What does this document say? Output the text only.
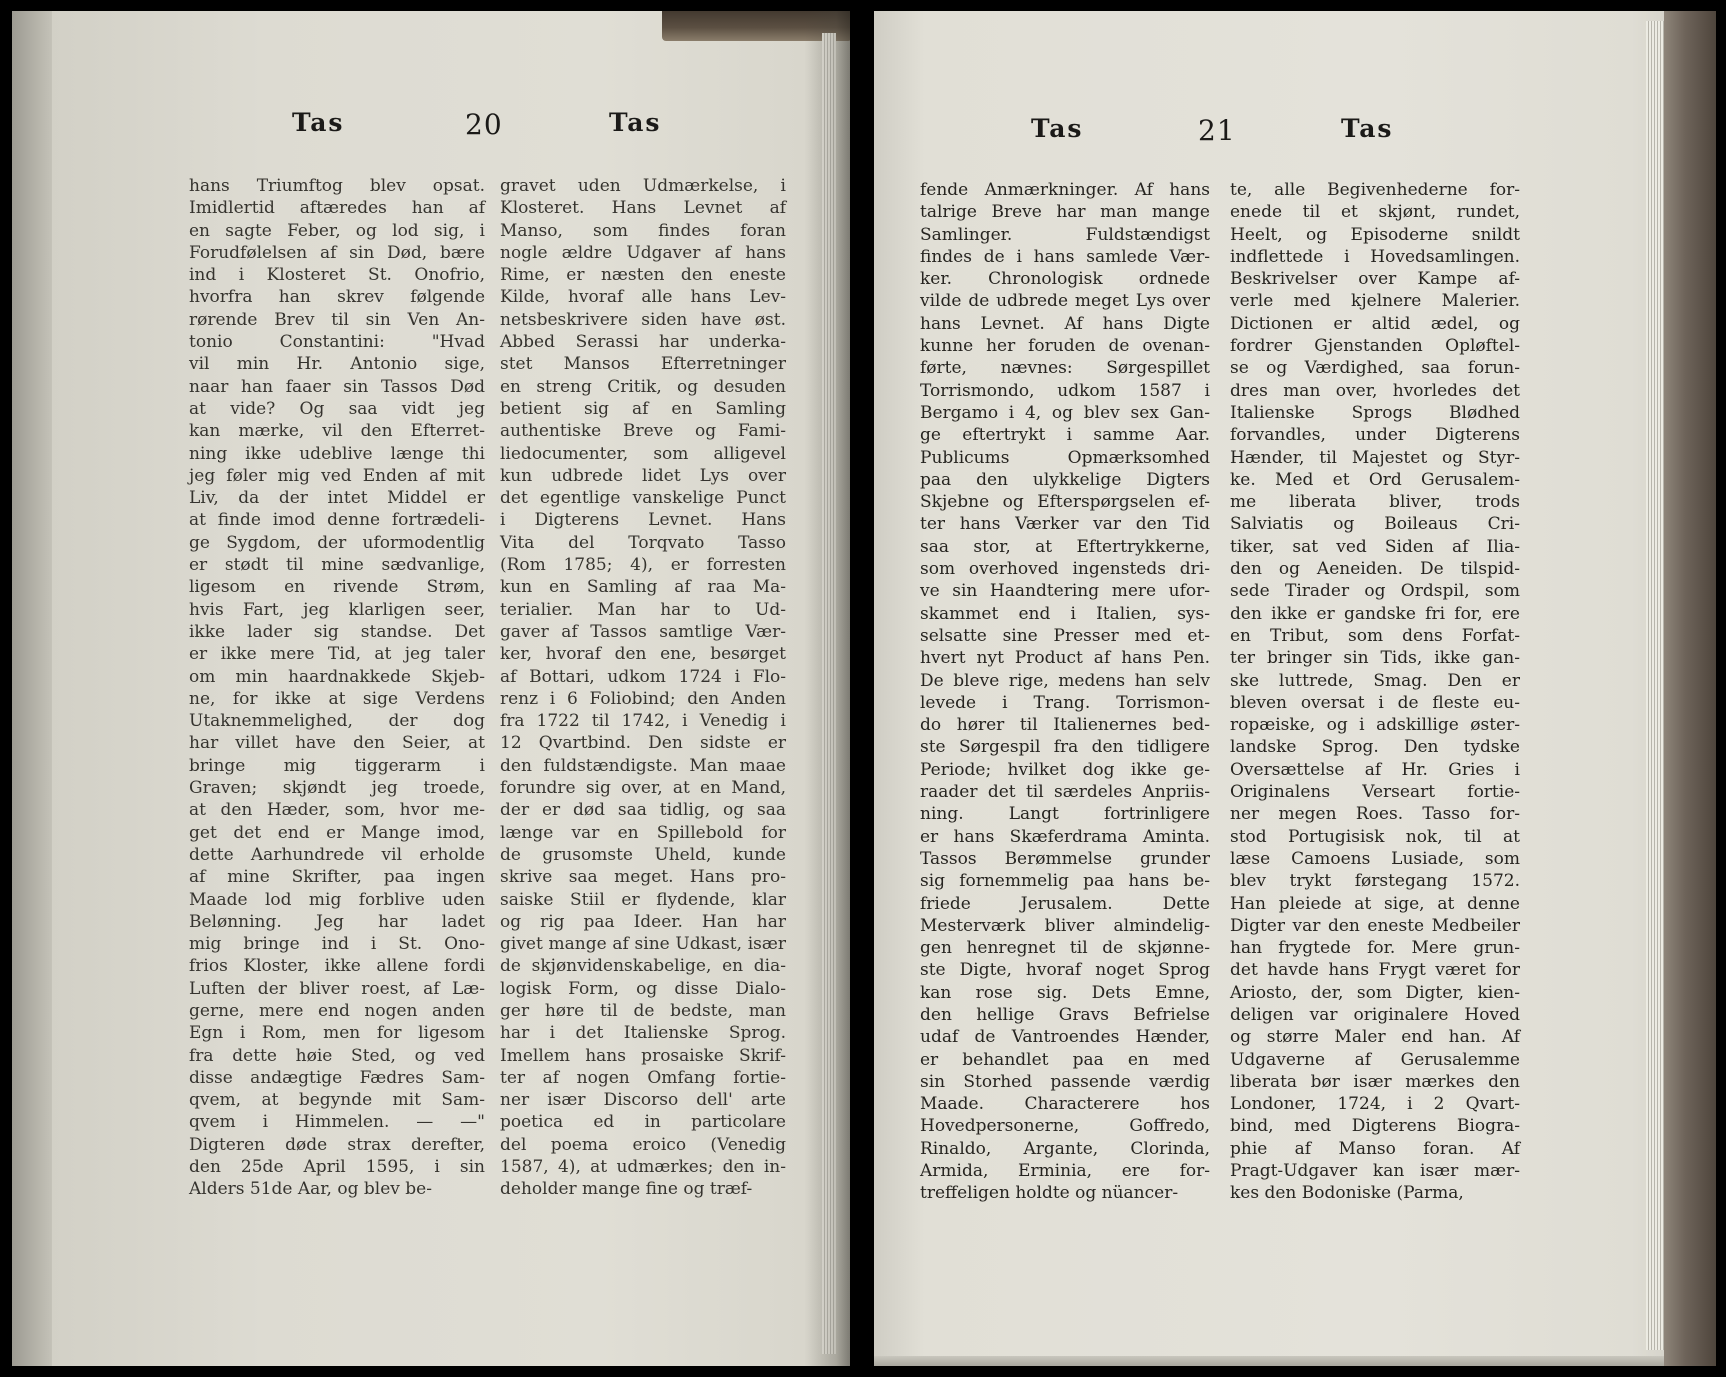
Tas	20	Tas
hans Triumftog blev opsat.
Imidlertid aftæredes han af
en sagte Feber, og lod sig, i
Forudfølelsen af sin Død, bære
ind i Klosteret St. Onofrio,
hvorfra han skrev følgende
rørende Brev til sin Ven An-
tonio Constantini: "Hvad
vil min Hr. Antonio sige,
naar han faaer sin Tassos Død
at vide? Og saa vidt jeg
kan mærke, vil den Efterret-
ning ikke udeblive længe thi
jeg føler mig ved Enden af mit
Liv, da der intet Middel er
at finde imod denne fortrædeli-
ge Sygdom, der uformodentlig
er stødt til mine sædvanlige,
ligesom en rivende Strøm,
hvis Fart, jeg klarligen seer,
ikke lader sig standse. Det
er ikke mere Tid, at jeg taler
om min haardnakkede Skjeb-
ne, for ikke at sige Verdens
Utaknemmelighed, der dog
har villet have den Seier, at
bringe mig tiggerarm i
Graven; skjøndt jeg troede,
at den Hæder, som, hvor me-
get det end er Mange imod,
dette Aarhundrede vil erholde
af mine Skrifter, paa ingen
Maade lod mig forblive uden
Belønning. Jeg har ladet
mig bringe ind i St. Ono-
frios Kloster, ikke allene fordi
Luften der bliver roest, af Læ-
gerne, mere end nogen anden
Egn i Rom, men for ligesom
fra dette høie Sted, og ved
disse andægtige Fædres Sam-
qvem, at begynde mit Sam-
qvem i Himmelen. — —"
Digteren døde strax derefter,
den 25de April 1595, i sin
Alders 51de Aar, og blev be-
gravet uden Udmærkelse, i
Klosteret. Hans Levnet af
Manso, som findes foran
nogle ældre Udgaver af hans
Rime, er næsten den eneste
Kilde, hvoraf alle hans Lev-
netsbeskrivere siden have øst.
Abbed Serassi har underka-
stet Mansos Efterretninger
en streng Critik, og desuden
betient sig af en Samling
authentiske Breve og Fami-
liedocumenter, som alligevel
kun udbrede lidet Lys over
det egentlige vanskelige Punct
i Digterens Levnet. Hans
Vita del Torqvato Tasso
(Rom 1785; 4), er forresten
kun en Samling af raa Ma-
terialier. Man har to Ud-
gaver af Tassos samtlige Vær-
ker, hvoraf den ene, besørget
af Bottari, udkom 1724 i Flo-
renz i 6 Foliobind; den Anden
fra 1722 til 1742, i Venedig i
12 Qvartbind. Den sidste er
den fuldstændigste. Man maae
forundre sig over, at en Mand,
der er død saa tidlig, og saa
længe var en Spillebold for
de grusomste Uheld, kunde
skrive saa meget. Hans pro-
saiske Stiil er flydende, klar
og rig paa Ideer. Han har
givet mange af sine Udkast, især
de skjønvidenskabelige, en dia-
logisk Form, og disse Dialo-
ger høre til de bedste, man
har i det Italienske Sprog.
Imellem hans prosaiske Skrif-
ter af nogen Omfang fortie-
ner især Discorso dell' arte
poetica ed in particolare
del poema eroico (Venedig
1587, 4), at udmærkes; den in-
deholder mange fine og træf-
Tas	21	Tas
fende Anmærkninger. Af hans
talrige Breve har man mange
Samlinger. Fuldstændigst
findes de i hans samlede Vær-
ker. Chronologisk ordnede
vilde de udbrede meget Lys over
hans Levnet. Af hans Digte
kunne her foruden de ovenan-
førte, nævnes: Sørgespillet
Torrismondo, udkom 1587 i
Bergamo i 4, og blev sex Gan-
ge eftertrykt i samme Aar.
Publicums Opmærksomhed
paa den ulykkelige Digters
Skjebne og Efterspørgselen ef-
ter hans Værker var den Tid
saa stor, at Eftertrykkerne,
som overhoved ingensteds dri-
ve sin Haandtering mere ufor-
skammet end i Italien, sys-
selsatte sine Presser med et-
hvert nyt Product af hans Pen.
De bleve rige, medens han selv
levede i Trang. Torrismon-
do hører til Italienernes bed-
ste Sørgespil fra den tidligere
Periode; hvilket dog ikke ge-
raader det til særdeles Anpriis-
ning. Langt fortrinligere
er hans Skæferdrama Aminta.
Tassos Berømmelse grunder
sig fornemmelig paa hans be-
friede Jerusalem. Dette
Mesterværk bliver almindelig-
gen henregnet til de skjønne-
ste Digte, hvoraf noget Sprog
kan rose sig. Dets Emne,
den hellige Gravs Befrielse
udaf de Vantroendes Hænder,
er behandlet paa en med
sin Storhed passende værdig
Maade. Characterere hos
Hovedpersonerne, Goffredo,
Rinaldo, Argante, Clorinda,
Armida, Erminia, ere for-
treffeligen holdte og nüancer-
te, alle Begivenhederne for-
enede til et skjønt, rundet,
Heelt, og Episoderne snildt
indflettede i Hovedsamlingen.
Beskrivelser over Kampe af-
verle med kjelnere Malerier.
Dictionen er altid ædel, og
fordrer Gjenstanden Opløftel-
se og Værdighed, saa forun-
dres man over, hvorledes det
Italienske Sprogs Blødhed
forvandles, under Digterens
Hænder, til Majestet og Styr-
ke. Med et Ord Gerusalem-
me liberata bliver, trods
Salviatis og Boileaus Cri-
tiker, sat ved Siden af Ilia-
den og Aeneiden. De tilspid-
sede Tirader og Ordspil, som
den ikke er gandske fri for, ere
en Tribut, som dens Forfat-
ter bringer sin Tids, ikke gan-
ske luttrede, Smag. Den er
bleven oversat i de fleste eu-
ropæiske, og i adskillige øster-
landske Sprog. Den tydske
Oversættelse af Hr. Gries i
Originalens Verseart fortie-
ner megen Roes. Tasso for-
stod Portugisisk nok, til at
læse Camoens Lusiade, som
blev trykt førstegang 1572.
Han pleiede at sige, at denne
Digter var den eneste Medbeiler
han frygtede for. Mere grun-
det havde hans Frygt været for
Ariosto, der, som Digter, kien-
deligen var originalere Hoved
og større Maler end han. Af
Udgaverne af Gerusalemme
liberata bør især mærkes den
Londoner, 1724, i 2 Qvart-
bind, med Digterens Biogra-
phie af Manso foran. Af
Pragt-Udgaver kan især mær-
kes den Bodoniske (Parma,
